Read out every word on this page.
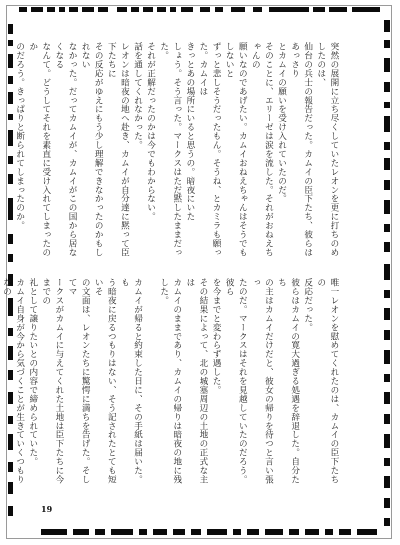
突然の展開に立ち尽くしていたレオンを更に打ちのめしたのは、
仙台の兵士の報告だった。カムイの臣下たち、彼らはあっさり
とカムイの願いを受け入れていたのだ。
そのことに、エリーゼは涙を流した。それがおねえちゃんの
願いなのであげたい。カムイおねえちゃんはそうでもしないと
ずっと悲しそうだったもん。そうね、とカミラも願った。カムイは
きっとあの場所にいると思うの。暗夜にいた
しょう。そう言った。マークスはただ黙したままだった。
それが正解だったのかは今でもわからない。
話を通してくれなかった。
レオンは暗夜の地へ赴き、カムイが自分達に黙って臣下たちに
その反応がゆえにもう少し理解できなかったのかもしれない
なかった。だってカムイが、カムイがこの国から居なくなる
なんて。どうしてそれを素直に受け入れてしまったのか
のだろう。きっぱりと断られてしまったのか。

唯一レオンを慰めてくれたのは、カムイの臣下たちの
反応だった。
彼らはカムイの寛大過ぎる処遇を辞退した。自分たち
の主はカムイだけだと、彼女の帰りを待つと言い張っ
たのだ。マークスはそれを見越していたのだろう。彼ら
を今までと変わらず遇した。
その結果によって、北の城塞周辺の土地の正式な主は
カムイのままであり、カムイの帰りは暗夜の地に残した。

カムイが帰ると約束した日に、その手紙は届いた。も
う暗夜に戻るつもりはない、そう記されたとても短いそ
の文面は、レオンたちに驚愕に満ちを告げた。そしてマ
ークスがカムイに与えてくれた土地は臣下たちに今までの
礼として譲りたいとの内容で締められていた。
カムイ自身が今から気づくことが生きていくつもりなの

19
